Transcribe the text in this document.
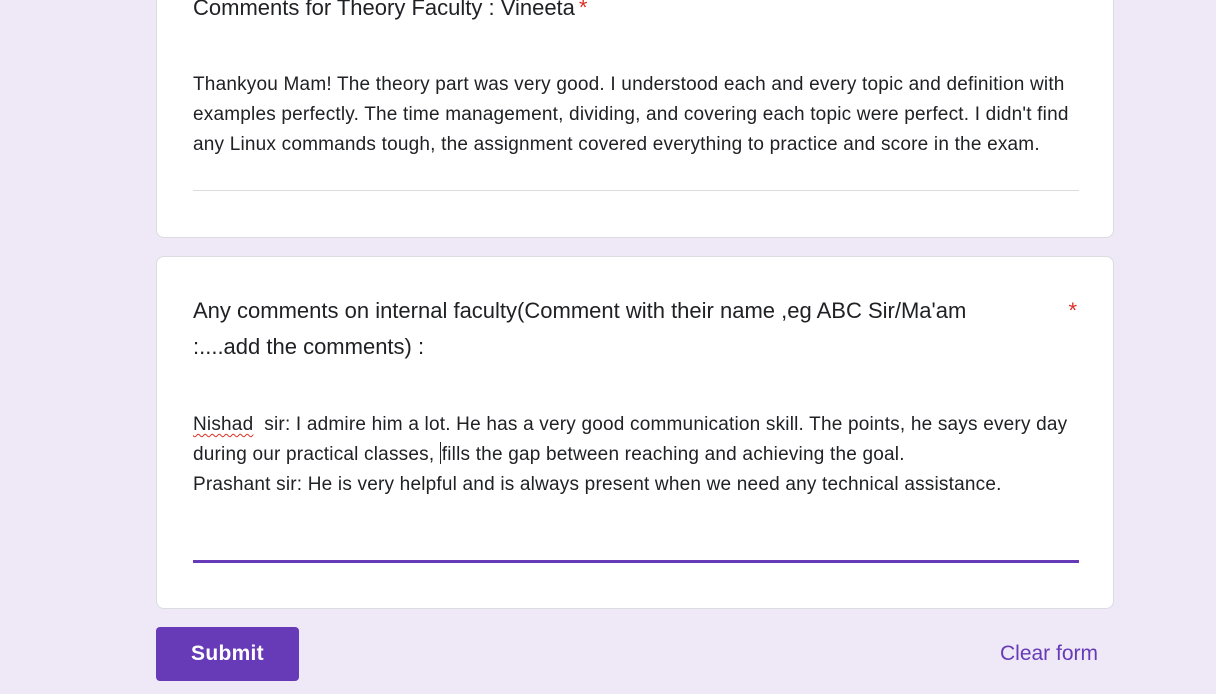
Comments for Theory Faculty : Vineeta *
Thankyou Mam! The theory part was very good. I understood each and every topic and definition with examples perfectly. The time management, dividing, and covering each topic were perfect. I didn't find any Linux commands tough, the assignment covered everything to practice and score in the exam.
Any comments on internal faculty(Comment with their name ,eg ABC Sir/Ma'am :....add the comments) :
*
Nishad  sir: I admire him a lot. He has a very good communication skill. The points, he says every day during our practical classes, fills the gap between reaching and achieving the goal.
Prashant sir: He is very helpful and is always present when we need any technical assistance.
Submit	Clear form
